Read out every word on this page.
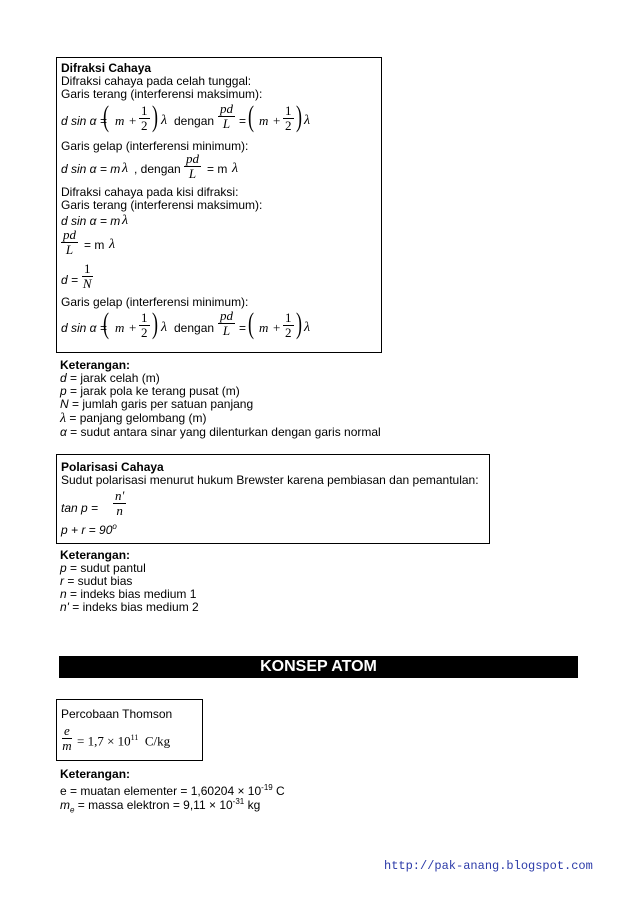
Difraksi Cahaya
Difraksi cahaya pada celah tunggal:
Garis terang (interferensi maksimum):
d sin α =
( $m + \frac{1}{2}$ ) λ dengan $\frac{pd}{L}$ = ( $m + \frac{1}{2}$ ) λ
Garis gelap (interferensi minimum):
d sin α = m λ , dengan $\frac{pd}{L} = m$ λ
Difraksi cahaya pada kisi difraksi:
Garis terang (interferensi maksimum):
d sin α = m λ
$\frac{pd}{L} = m$ λ
$d = \frac{1}{N}$
Garis gelap (interferensi minimum):
d sin α =
( $m + \frac{1}{2}$ ) λ dengan $\frac{pd}{L}$ = ( $m + \frac{1}{2}$ ) λ
Keterangan:
d = jarak celah (m)
p = jarak pola ke terang pusat (m)
N = jumlah garis per satuan panjang
λ = panjang gelombang (m)
α = sudut antara sinar yang dilenturkan dengan garis normal
Polarisasi Cahaya
Sudut polarisasi menurut hukum Brewster karena pembiasan dan pemantulan:
$\tan p = \frac{n'}{n}$
$p + r = 90^o$
Keterangan:
p = sudut pantul
r = sudut bias
n = indeks bias medium 1
n' = indeks bias medium 2
KONSEP ATOM
Percobaan Thomson
$\frac{e}{m} = 1,7 \times 10^{11}$ C/kg
Keterangan:
e = muatan elementer = $1,60204 \times 10^{-19}$ C
$m_e$ = massa elektron = $9,11 \times 10^{-31}$ kg
http://pak-anang.blogspot.com
